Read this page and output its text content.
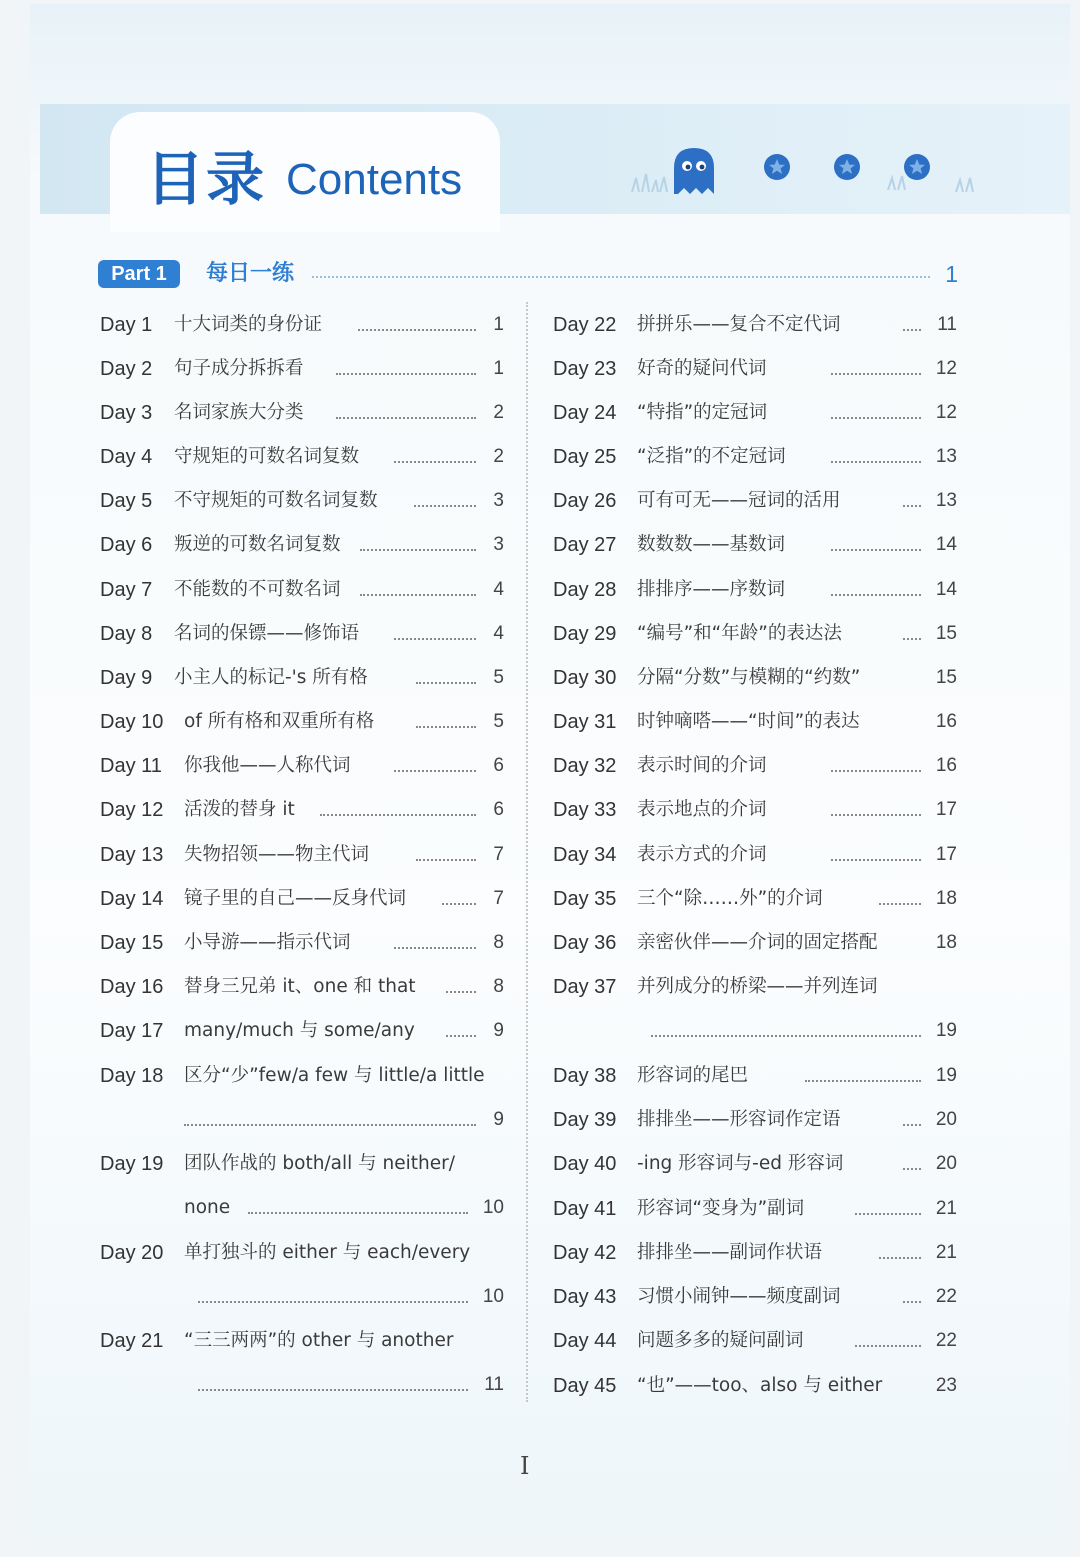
目录 Contents
Part 1	每日一练	1
Day 1 十大词类的身份证	1
Day 2 句子成分拆拆看	1
Day 3 名词家族大分类	2
Day 4 守规矩的可数名词复数	2
Day 5 不守规矩的可数名词复数	3
Day 6 叛逆的可数名词复数	3
Day 7 不能数的不可数名词	4
Day 8 名词的保镖——修饰语	4
Day 9 小主人的标记-'s 所有格	5
Day 10 of 所有格和双重所有格	5
Day 11 你我他——人称代词	6
Day 12 活泼的替身 it	6
Day 13 失物招领——物主代词	7
Day 14 镜子里的自己——反身代词	7
Day 15 小导游——指示代词	8
Day 16 替身三兄弟 it、one 和 that	8
Day 17 many/much 与 some/any	9
Day 18 区分“少”few/a few 与 little/a little
9
Day 19 团队作战的 both/all 与 neither/
none	10
Day 20 单打独斗的 either 与 each/every
10
Day 21 “三三两两”的 other 与 another
11
Day 22 拼拼乐——复合不定代词	11
Day 23 好奇的疑问代词	12
Day 24 “特指”的定冠词	12
Day 25 “泛指”的不定冠词	13
Day 26 可有可无——冠词的活用	13
Day 27 数数数——基数词	14
Day 28 排排序——序数词	14
Day 29 “编号”和“年龄”的表达法	15
Day 30 分隔“分数”与模糊的“约数”	15
Day 31 时钟嘀嗒——“时间”的表达	16
Day 32 表示时间的介词	16
Day 33 表示地点的介词	17
Day 34 表示方式的介词	17
Day 35 三个“除……外”的介词	18
Day 36 亲密伙伴——介词的固定搭配	18
Day 37 并列成分的桥梁——并列连词
19
Day 38 形容词的尾巴	19
Day 39 排排坐——形容词作定语	20
Day 40 -ing 形容词与-ed 形容词	20
Day 41 形容词“变身为”副词	21
Day 42 排排坐——副词作状语	21
Day 43 习惯小闹钟——频度副词	22
Day 44 问题多多的疑问副词	22
Day 45 “也”——too、also 与 either	23
I
